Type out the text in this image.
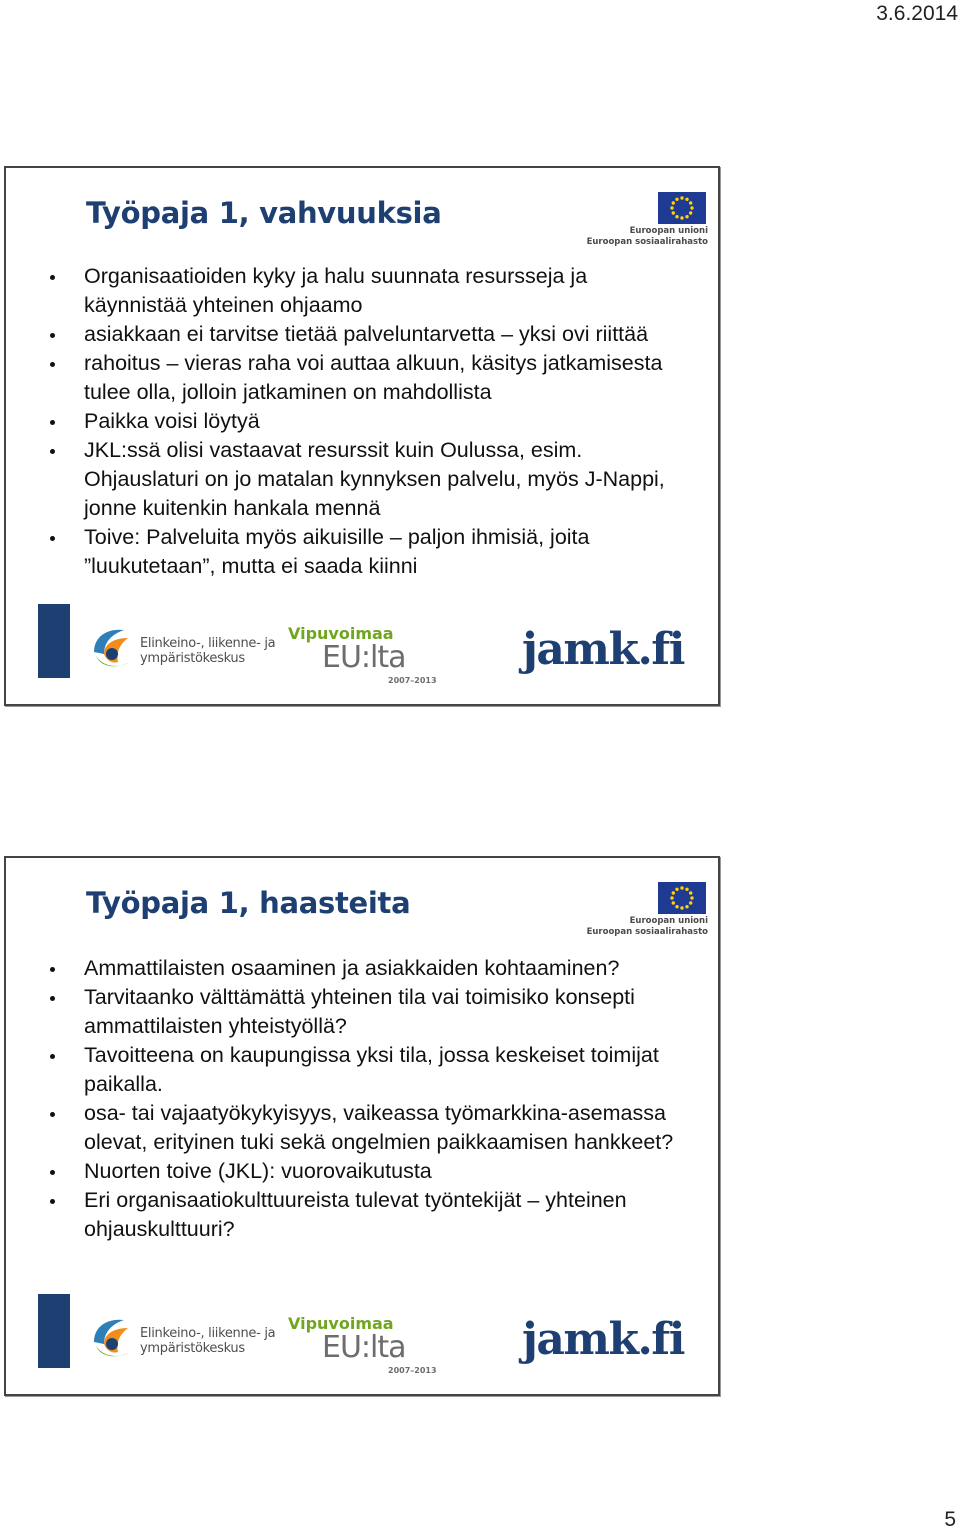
3.6.2014
Työpaja 1, vahvuuksia
Euroopan unioni
Euroopan sosiaalirahasto
Organisaatioiden kyky ja halu suunnata resursseja ja käynnistää yhteinen ohjaamo
asiakkaan ei tarvitse tietää palveluntarvetta – yksi ovi riittää
rahoitus – vieras raha voi auttaa alkuun, käsitys jatkamisesta tulee olla, jolloin jatkaminen on mahdollista
Paikka voisi löytyä
JKL:ssä olisi vastaavat resurssit kuin Oulussa, esim. Ohjauslaturi on jo matalan kynnyksen palvelu, myös J-Nappi, jonne kuitenkin hankala mennä
Toive: Palveluita myös aikuisille – paljon ihmisiä, joita ”luukutetaan”, mutta ei saada kiinni
Elinkeino-, liikenne- ja
ympäristökeskus
Vipuvoimaa
EU:lta
2007–2013
jamk.fi
Työpaja 1, haasteita
Euroopan unioni
Euroopan sosiaalirahasto
Ammattilaisten osaaminen ja asiakkaiden kohtaaminen?
Tarvitaanko välttämättä yhteinen tila vai toimisiko konsepti ammattilaisten yhteistyöllä?
Tavoitteena on kaupungissa yksi tila, jossa keskeiset toimijat paikalla.
osa- tai vajaatyökykyisyys, vaikeassa työmarkkina-asemassa olevat, erityinen tuki sekä ongelmien paikkaamisen hankkeet?
Nuorten toive (JKL): vuorovaikutusta
Eri organisaatiokulttuureista tulevat työntekijät – yhteinen ohjauskulttuuri?
Elinkeino-, liikenne- ja
ympäristökeskus
Vipuvoimaa
EU:lta
2007–2013
jamk.fi
5
